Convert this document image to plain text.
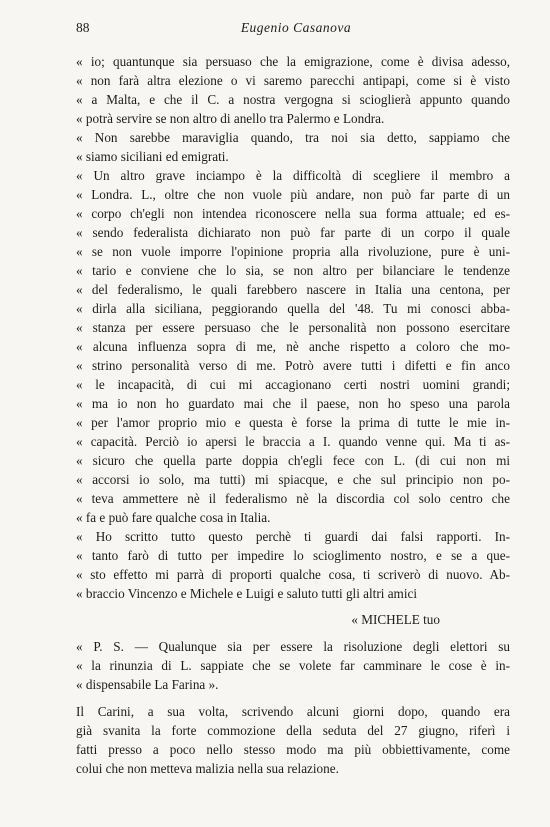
88	Eugenio Casanova
« io; quantunque sia persuaso che la emigrazione, come è divisa adesso,
« non farà altra elezione o vi saremo parecchi antipapi, come si è visto
« a Malta, e che il C. a nostra vergogna si scioglierà appunto quando
« potrà servire se non altro di anello tra Palermo e Londra.
« Non sarebbe maraviglia quando, tra noi sia detto, sappiamo che
« siamo siciliani ed emigrati.
« Un altro grave inciampo è la difficoltà di scegliere il membro a
« Londra. L., oltre che non vuole più andare, non può far parte di un
« corpo ch'egli non intendea riconoscere nella sua forma attuale; ed es-
« sendo federalista dichiarato non può far parte di un corpo il quale
« se non vuole imporre l'opinione propria alla rivoluzione, pure è uni-
« tario e conviene che lo sia, se non altro per bilanciare le tendenze
« del federalismo, le quali farebbero nascere in Italia una centona, per
« dirla alla siciliana, peggiorando quella del '48. Tu mi conosci abba-
« stanza per essere persuaso che le personalità non possono esercitare
« alcuna influenza sopra di me, nè anche rispetto a coloro che mo-
« strino personalità verso di me. Potrò avere tutti i difetti e fin anco
« le incapacità, di cui mi accagionano certi nostri uomini grandi;
« ma io non ho guardato mai che il paese, non ho speso una parola
« per l'amor proprio mio e questa è forse la prima di tutte le mie in-
« capacità. Perciò io apersi le braccia a I. quando venne qui. Ma ti as-
« sicuro che quella parte doppia ch'egli fece con L. (di cui non mi
« accorsi io solo, ma tutti) mi spiacque, e che sul principio non po-
« teva ammettere nè il federalismo nè la discordia col solo centro che
« fa e può fare qualche cosa in Italia.
« Ho scritto tutto questo perchè ti guardi dai falsi rapporti. In-
« tanto farò di tutto per impedire lo scioglimento nostro, e se a que-
« sto effetto mi parrà di proporti qualche cosa, ti scriverò di nuovo. Ab-
« braccio Vincenzo e Michele e Luigi e saluto tutti gli altri amici
« MICHELE tuo
« P. S. — Qualunque sia per essere la risoluzione degli elettori su
« la rinunzia di L. sappiate che se volete far camminare le cose è in-
« dispensabile La Farina ».
Il Carini, a sua volta, scrivendo alcuni giorni dopo, quando era
già svanita la forte commozione della seduta del 27 giugno, riferì i
fatti presso a poco nello stesso modo ma più obbiettivamente, come
colui che non metteva malizia nella sua relazione.
